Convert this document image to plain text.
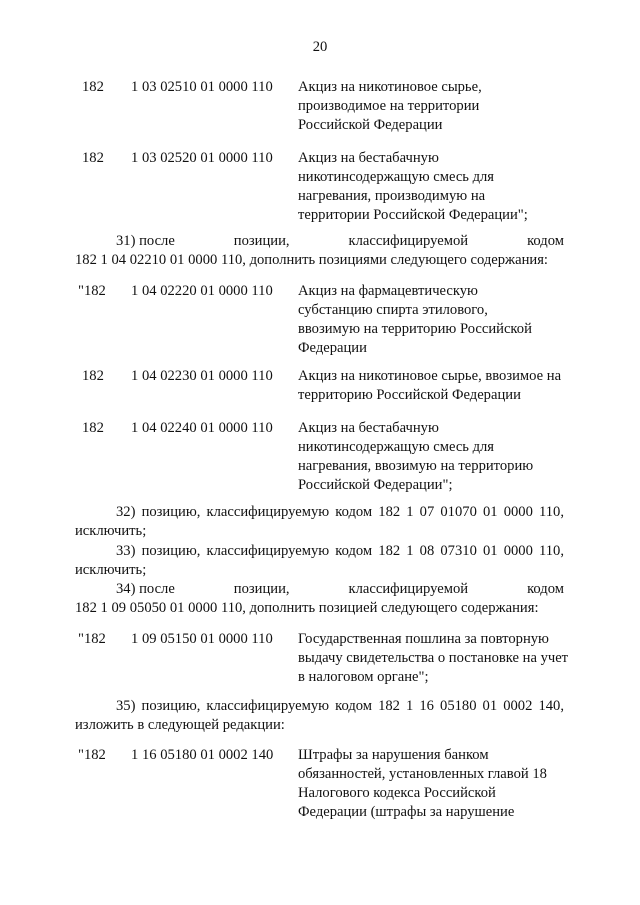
20
182 1 03 02510 01 0000 110 Акциз на никотиновое сырье, производимое на территории Российской Федерации
182 1 03 02520 01 0000 110 Акциз на бестабачную никотинсодержащую смесь для нагревания, производимую на территории Российской Федерации";
31) после	позиции,	классифицируемой	кодом
182 1 04 02210 01 0000 110, дополнить позициями следующего содержания:
"182 1 04 02220 01 0000 110 Акциз на фармацевтическую субстанцию спирта этилового, ввозимую на территорию Российской Федерации
182 1 04 02230 01 0000 110 Акциз на никотиновое сырье, ввозимое на территорию Российской Федерации
182 1 04 02240 01 0000 110 Акциз на бестабачную никотинсодержащую смесь для нагревания, ввозимую на территорию Российской Федерации";
32) позицию, классифицируемую кодом 182 1 07 01070 01 0000 110, исключить;
33) позицию, классифицируемую кодом 182 1 08 07310 01 0000 110, исключить;
34) после	позиции,	классифицируемой	кодом
182 1 09 05050 01 0000 110, дополнить позицией следующего содержания:
"182 1 09 05150 01 0000 110 Государственная пошлина за повторную выдачу свидетельства о постановке на учет в налоговом органе";
35) позицию, классифицируемую кодом 182 1 16 05180 01 0002 140, изложить в следующей редакции:
"182 1 16 05180 01 0002 140 Штрафы за нарушения банком обязанностей, установленных главой 18 Налогового кодекса Российской Федерации (штрафы за нарушение
